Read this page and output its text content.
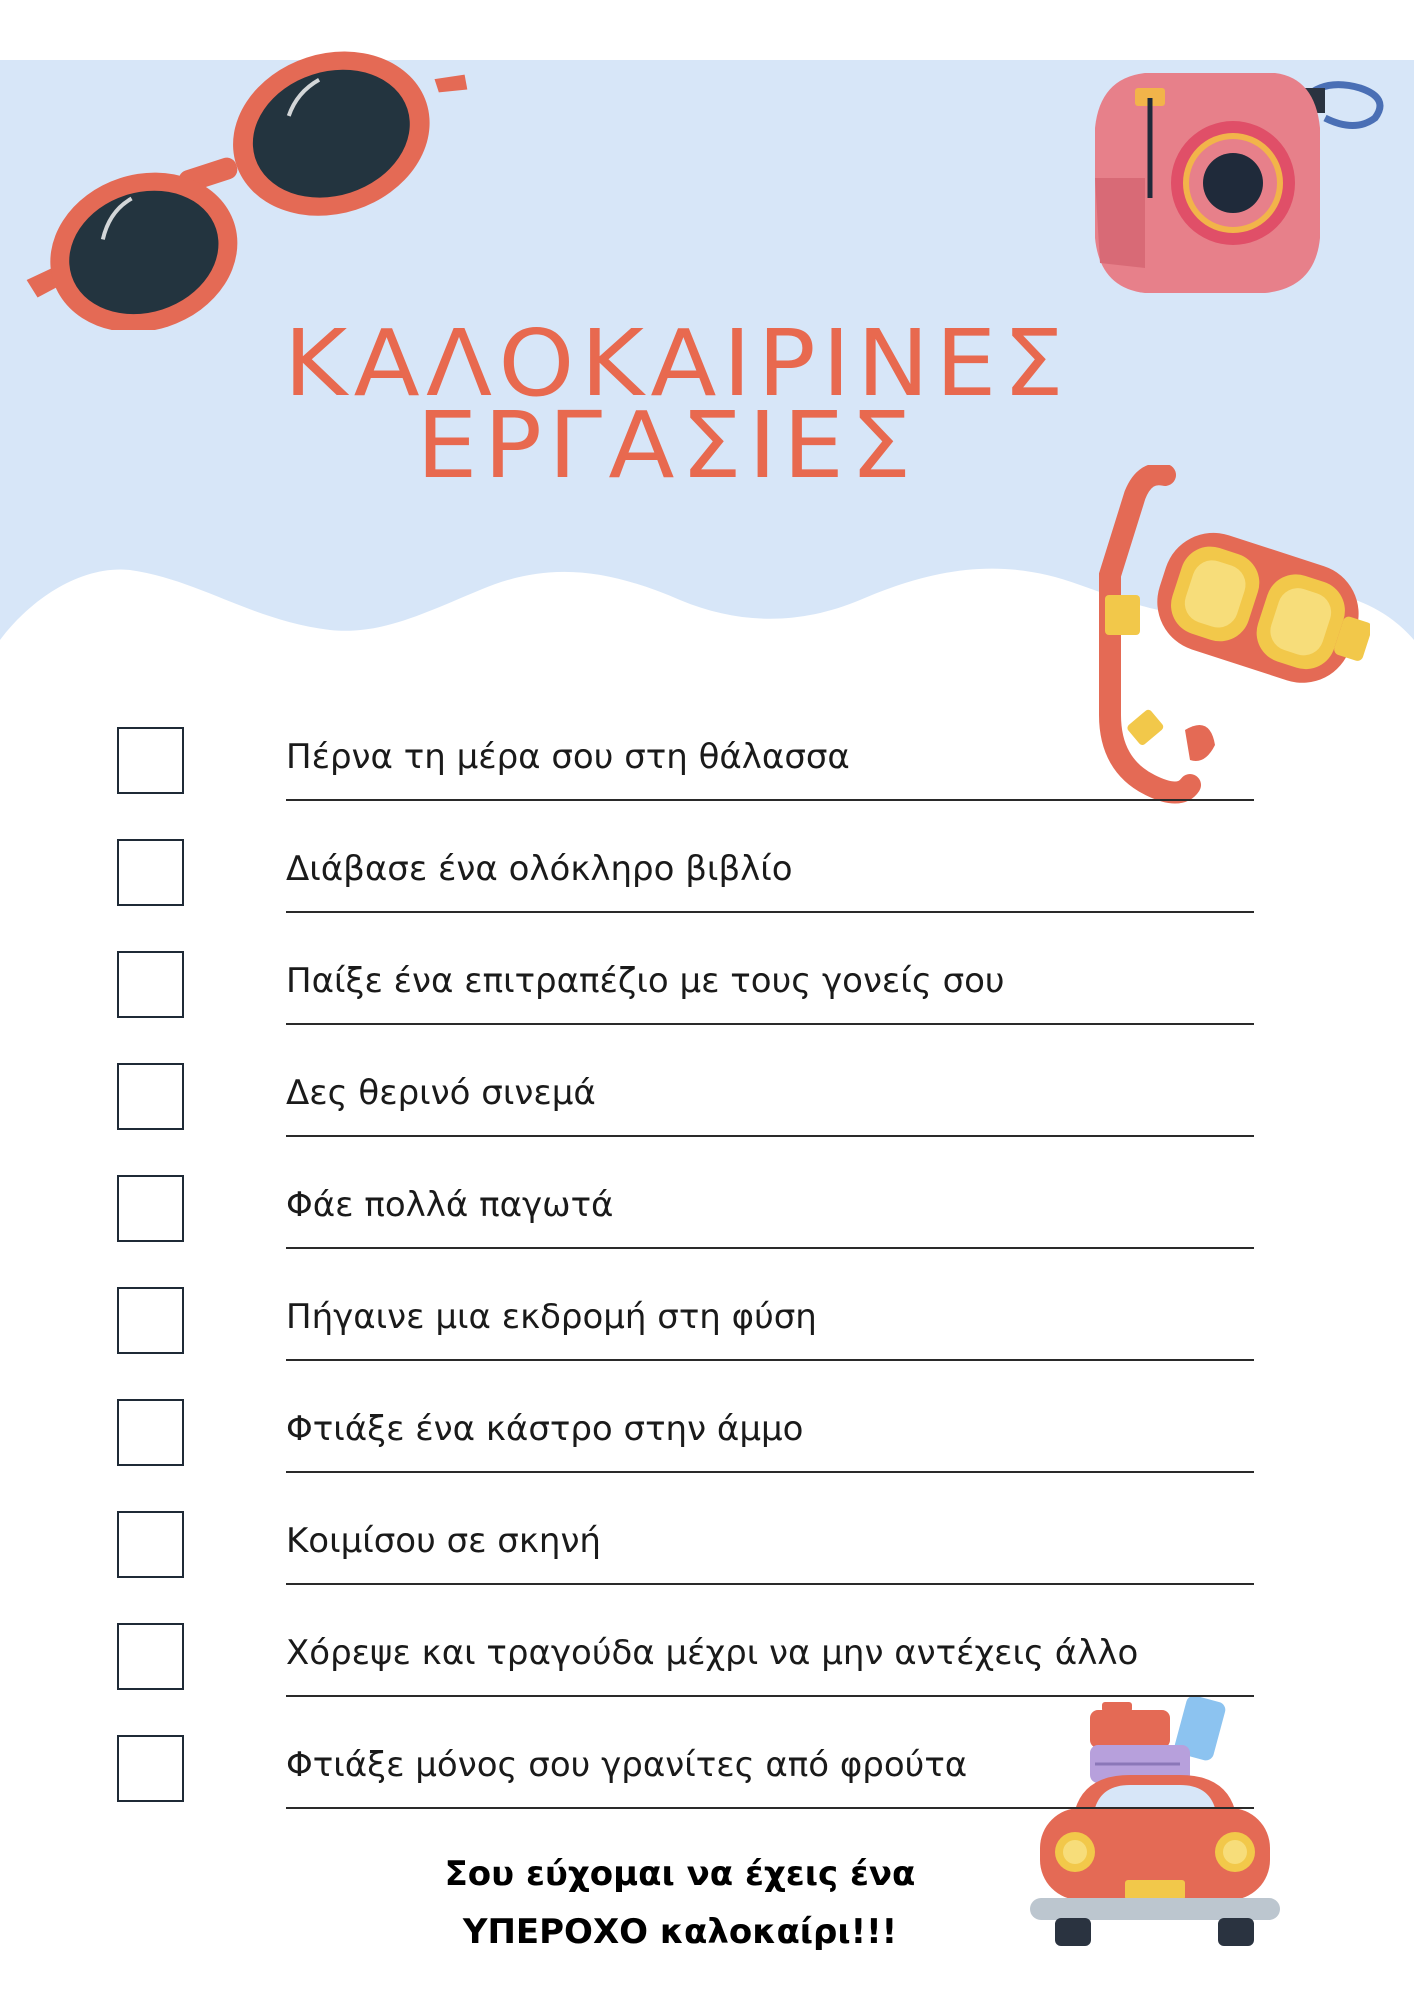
ΚΑΛΟΚΑΙΡΙΝΕΣ
ΕΡΓΑΣΙΕΣ
Πέρνα τη μέρα σου στη θάλασσα
Διάβασε ένα ολόκληρο βιβλίο
Παίξε ένα επιτραπέζιο με τους γονείς σου
Δες θερινό σινεμά
Φάε πολλά παγωτά
Πήγαινε μια εκδρομή στη φύση
Φτιάξε ένα κάστρο στην άμμο
Κοιμίσου σε σκηνή
Χόρεψε και τραγούδα μέχρι να μην αντέχεις άλλο
Φτιάξε μόνος σου γρανίτες από φρούτα
Σου εύχομαι να έχεις ένα
ΥΠΕΡΟΧΟ καλοκαίρι!!!
